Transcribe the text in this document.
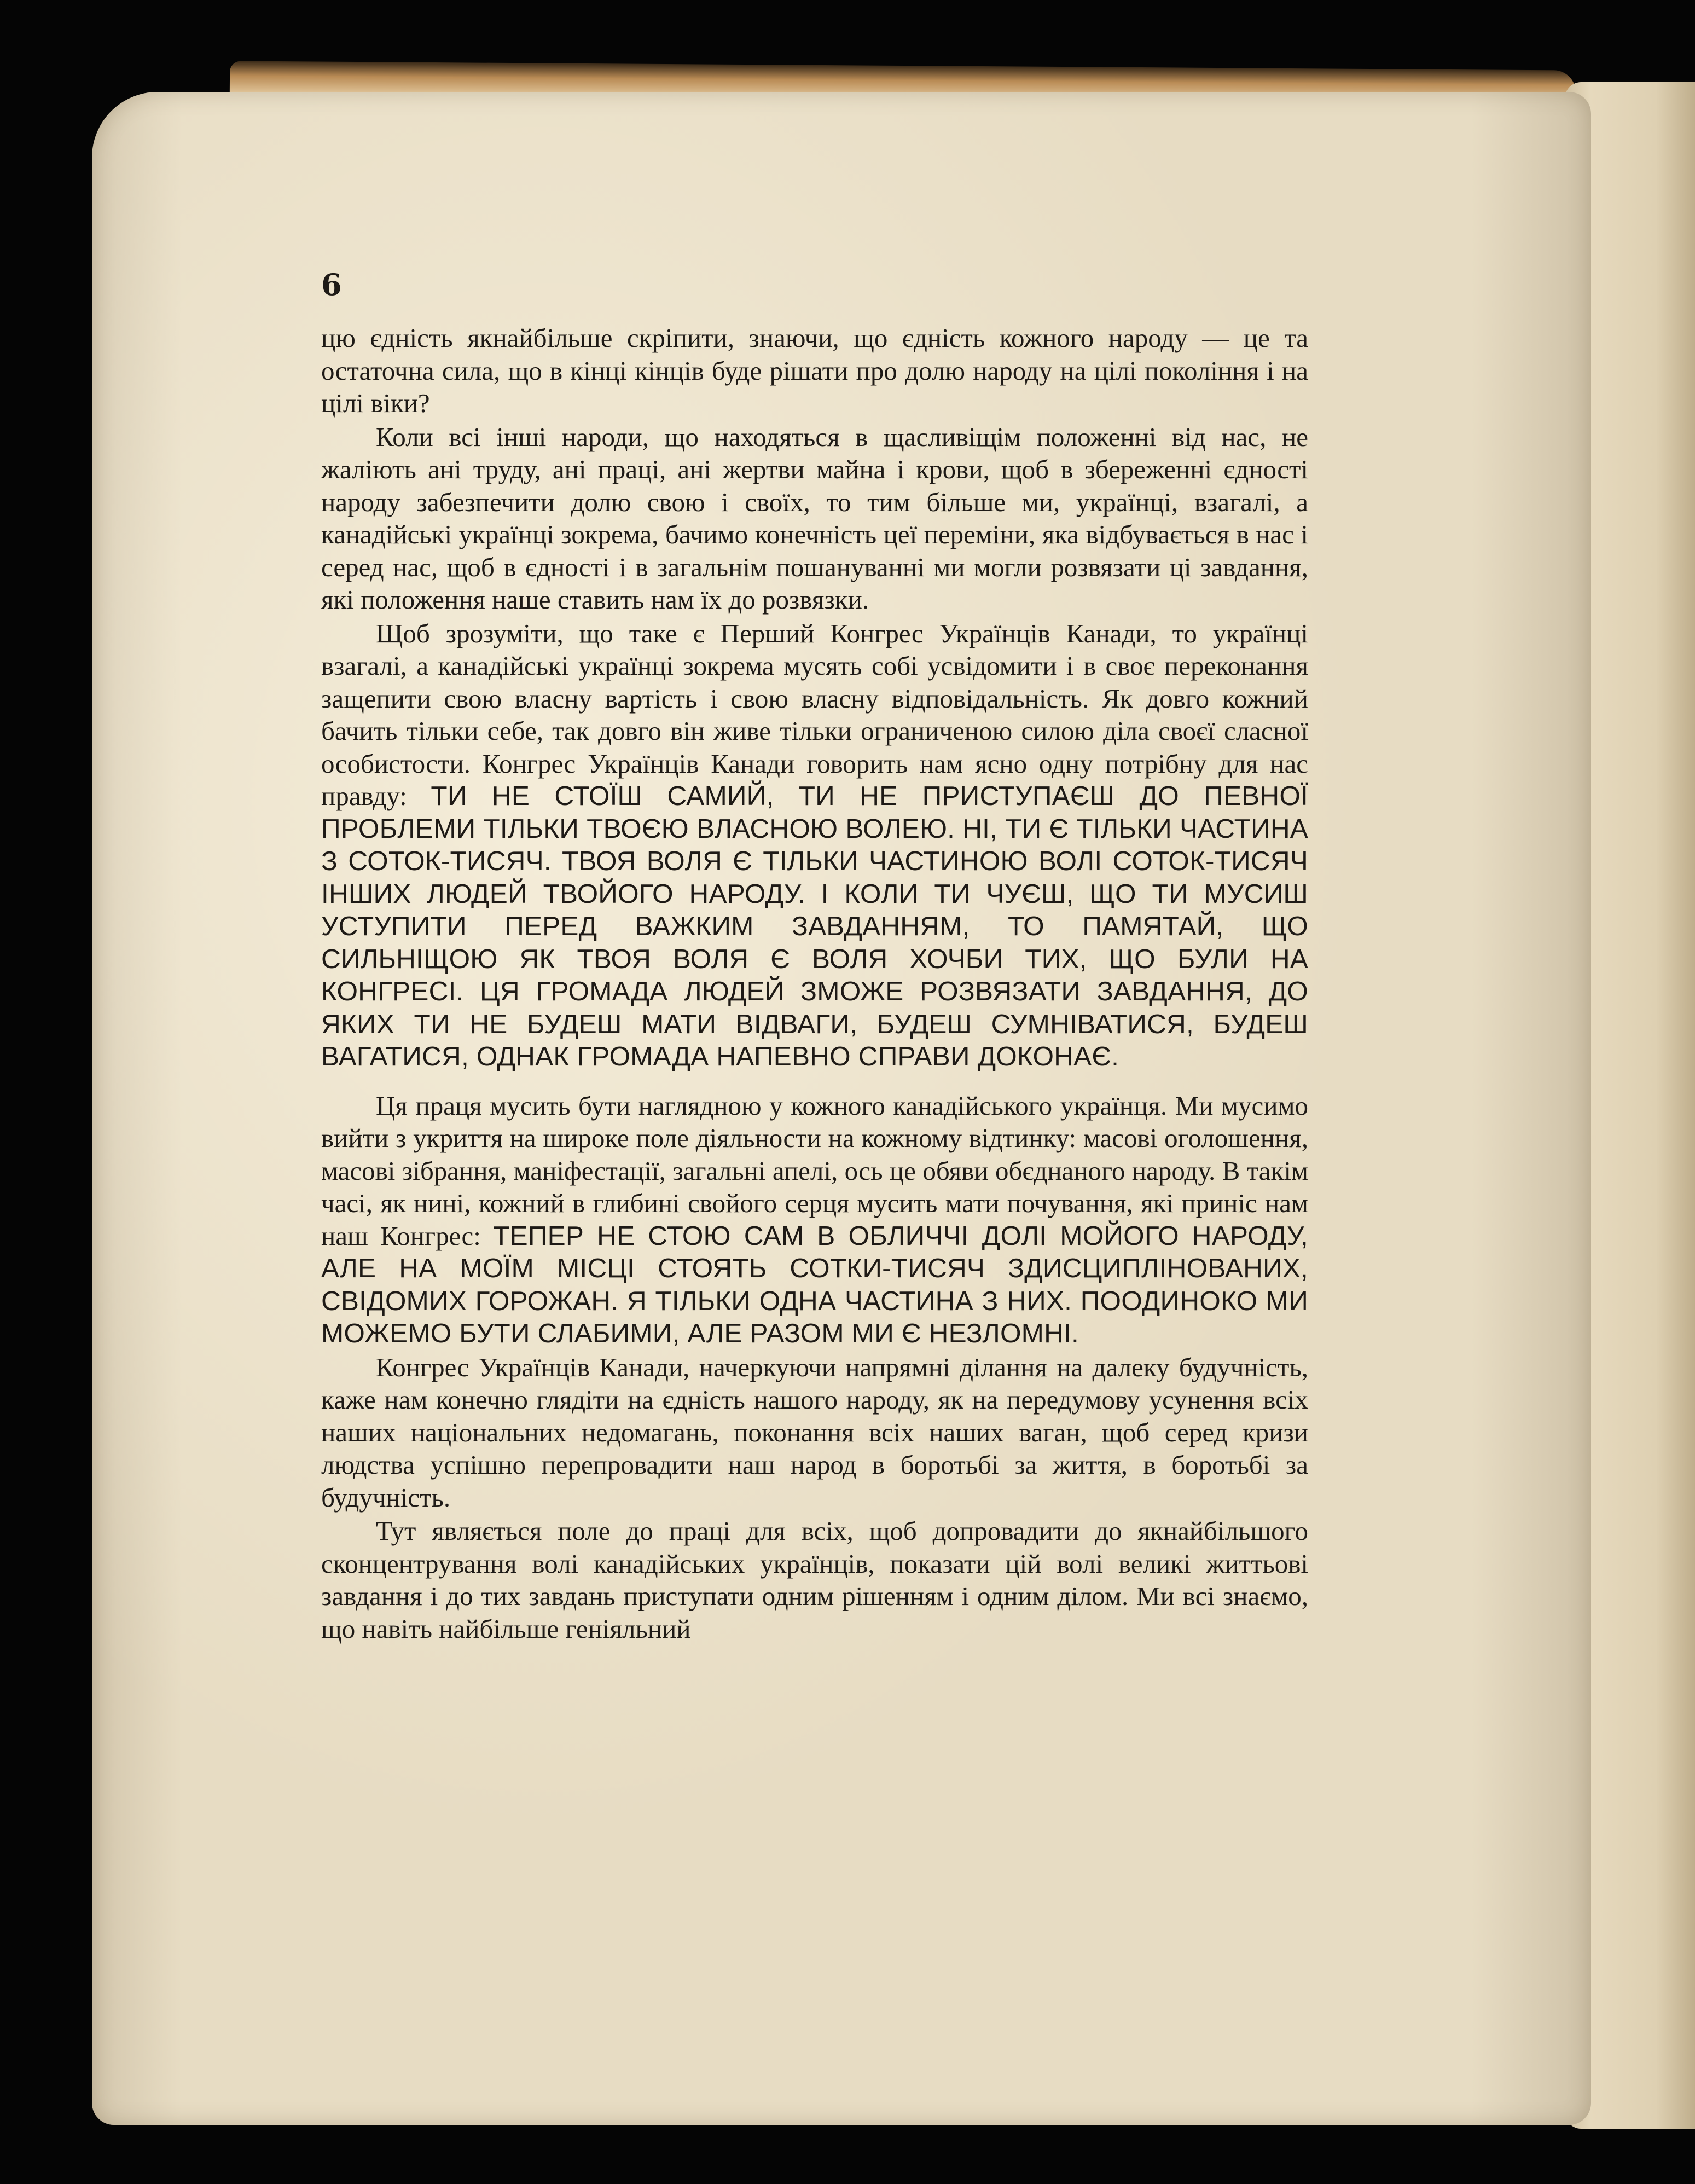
6

цю єдність якнайбільше скріпити, знаючи, що єдність кожного народу — це та остаточна сила, що в кінці кінців буде рішати про долю народу на цілі покоління і на цілі віки?

Коли всі інші народи, що находяться в щасливіщім положенні від нас, не жаліють ані труду, ані праці, ані жертви майна і крови, щоб в збереженні єдності народу забезпечити долю свою і своїх, то тим більше ми, українці, взагалі, а канадійські українці зокрема, бачимо конечність цеї переміни, яка відбувається в нас і серед нас, щоб в єдності і в загальнім пошануванні ми могли розвязати ці завдання, які положення наше ставить нам їх до розвязки.

Щоб зрозуміти, що таке є Перший Конгрес Українців Канади, то українці взагалі, а канадійські українці зокрема мусять собі усвідомити і в своє переконання защепити свою власну вартість і свою власну відповідальність. Як довго кожний бачить тільки себе, так довго він живе тільки ограниченою силою діла своєї сласної особистости. Конгрес Українців Канади говорить нам ясно одну потрібну для нас правду: ТИ НЕ СТОЇШ САМИЙ, ТИ НЕ ПРИСТУПАЄШ ДО ПЕВНОЇ ПРОБЛЕМИ ТІЛЬКИ ТВОЄЮ ВЛАСНОЮ ВОЛЕЮ. НІ, ТИ Є ТІЛЬКИ ЧАСТИНА З СОТОК-ТИСЯЧ. ТВОЯ ВОЛЯ Є ТІЛЬКИ ЧАСТИНОЮ ВОЛІ СОТОК-ТИСЯЧ ІНШИХ ЛЮДЕЙ ТВОЙОГО НАРОДУ. І КОЛИ ТИ ЧУЄШ, ЩО ТИ МУСИШ УСТУПИТИ ПЕРЕД ВАЖКИМ ЗАВДАННЯМ, ТО ПАМЯТАЙ, ЩО СИЛЬНІЩОЮ ЯК ТВОЯ ВОЛЯ Є ВОЛЯ ХОЧБИ ТИХ, ЩО БУЛИ НА КОНГРЕСІ. ЦЯ ГРОМАДА ЛЮДЕЙ ЗМОЖЕ РОЗВЯЗАТИ ЗАВДАННЯ, ДО ЯКИХ ТИ НЕ БУДЕШ МАТИ ВІДВАГИ, БУДЕШ СУМНІВАТИСЯ, БУДЕШ ВАГАТИСЯ, ОДНАК ГРОМАДА НАПЕВНО СПРАВИ ДОКОНАЄ.

Ця праця мусить бути наглядною у кожного канадійського українця. Ми мусимо вийти з укриття на широке поле діяльности на кожному відтинку: масові оголошення, масові зібрання, маніфестації, загальні апелі, ось це обяви обєднаного народу. В такім часі, як нині, кожний в глибині свойого серця мусить мати почування, які приніс нам наш Конгрес: ТЕПЕР НЕ СТОЮ САМ В ОБЛИЧЧІ ДОЛІ МОЙОГО НАРОДУ, АЛЕ НА МОЇМ МІСЦІ СТОЯТЬ СОТКИ-ТИСЯЧ ЗДИСЦИПЛІНОВАНИХ, СВІДОМИХ ГОРОЖАН. Я ТІЛЬКИ ОДНА ЧАСТИНА З НИХ. ПООДИНОКО МИ МОЖЕМО БУТИ СЛАБИМИ, АЛЕ РАЗОМ МИ Є НЕЗЛОМНІ.

Конгрес Українців Канади, начеркуючи напрямні ділання на далеку будучність, каже нам конечно глядіти на єдність нашого народу, як на передумову усунення всіх наших національних недомагань, поконання всіх наших ваган, щоб серед кризи людства успішно перепровадити наш народ в боротьбі за життя, в боротьбі за будучність.

Тут являється поле до праці для всіх, щоб допровадити до якнайбільшого сконцентрування волі канадійських українців, показати цій волі великі життьові завдання і до тих завдань приступати одним рішенням і одним ділом. Ми всі знаємо, що навіть найбільше геніяльний
